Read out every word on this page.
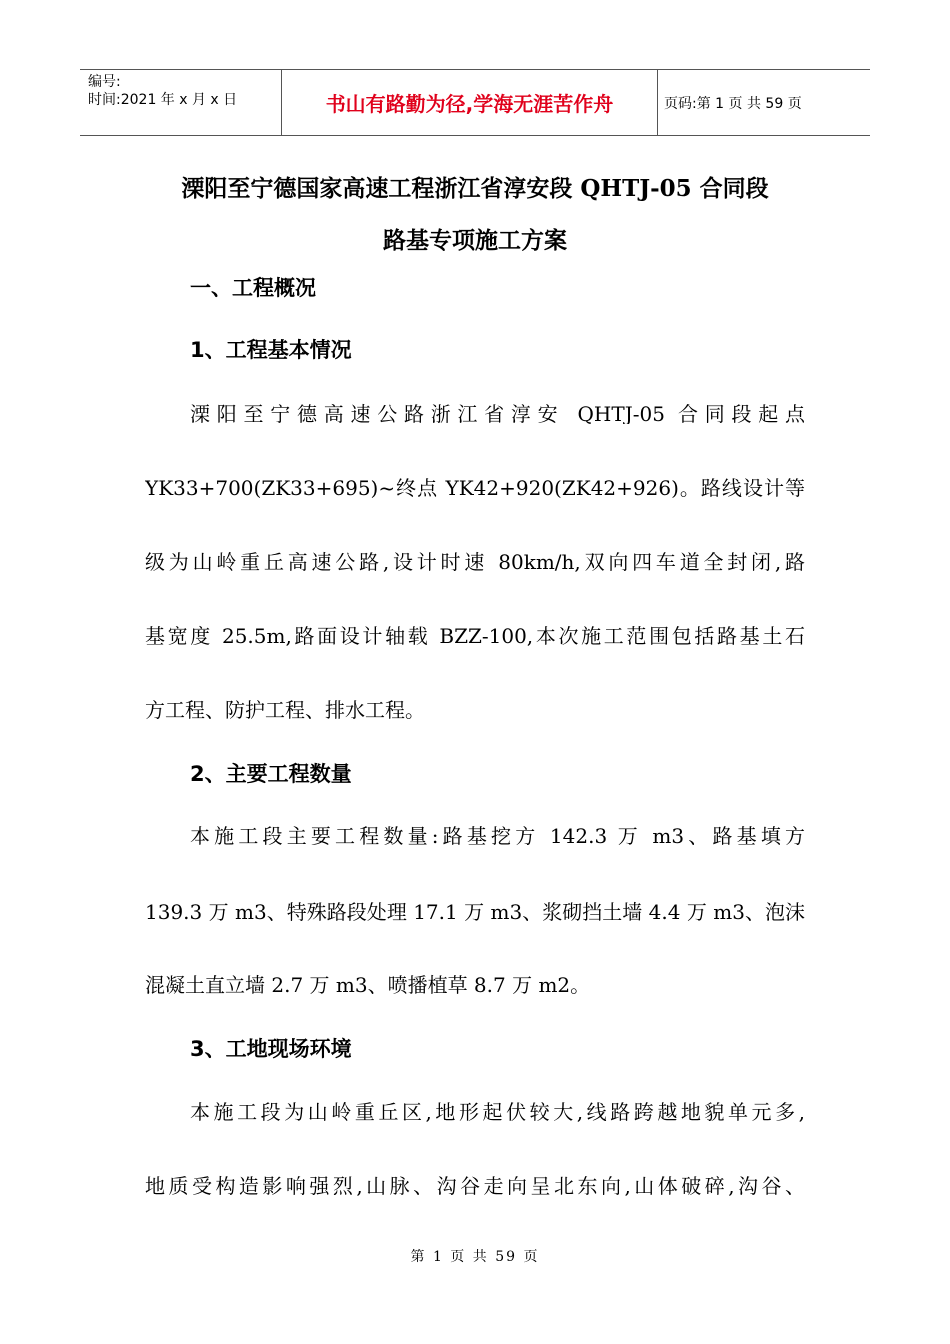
编号:
时间:2021 年 x 月 x 日	书山有路勤为径,学海无涯苦作舟	页码:第 1 页 共 59 页
溧阳至宁德国家高速工程浙江省淳安段 QHTJ-05 合同段
路基专项施工方案
一、工程概况
1、工程基本情况
溧阳至宁德高速公路浙江省淳安 QHTJ-05 合同段起点
YK33+700(ZK33+695)~终点 YK42+920(ZK42+926)。路线设计等
级为山岭重丘高速公路,设计时速 80km/h,双向四车道全封闭,路
基宽度 25.5m,路面设计轴载 BZZ-100,本次施工范围包括路基土石
方工程、防护工程、排水工程。
2、主要工程数量
本施工段主要工程数量:路基挖方 142.3 万 m3、路基填方
139.3 万 m3、特殊路段处理 17.1 万 m3、浆砌挡土墙 4.4 万 m3、泡沫
混凝土直立墙 2.7 万 m3、喷播植草 8.7 万 m2。
3、工地现场环境
本施工段为山岭重丘区,地形起伏较大,线路跨越地貌单元多,
地质受构造影响强烈,山脉、沟谷走向呈北东向,山体破碎,沟谷、
第 1 页 共 59 页
